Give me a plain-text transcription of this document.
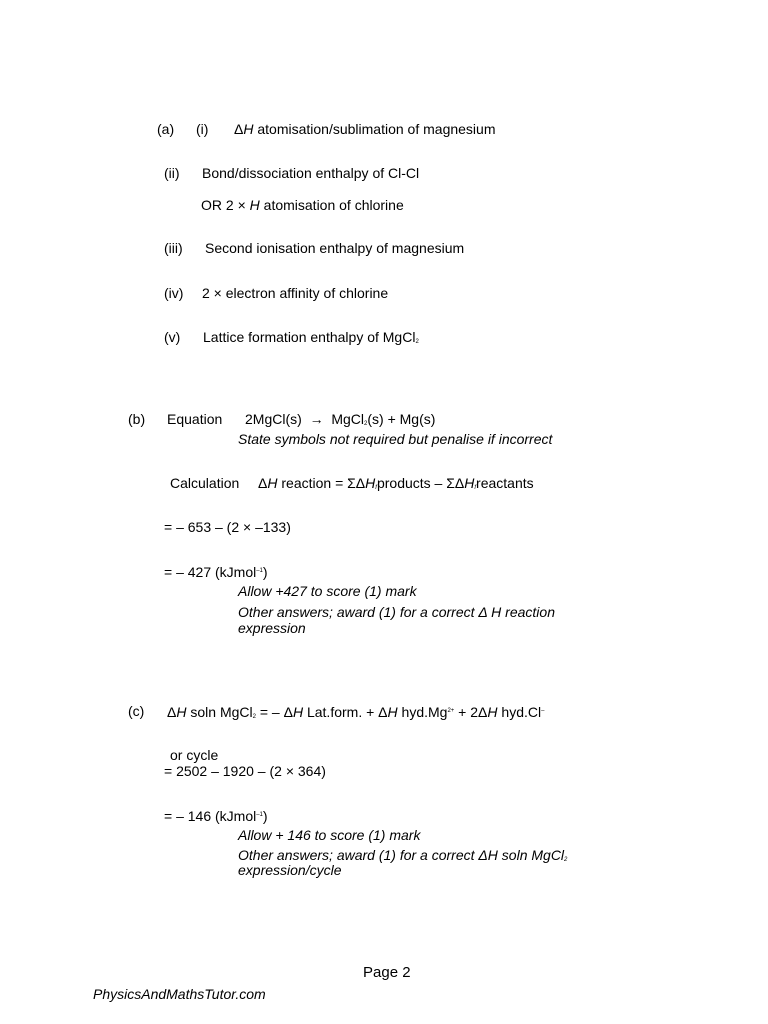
(a) (i) ΔH atomisation/sublimation of magnesium
(ii) Bond/dissociation enthalpy of Cl-Cl
OR 2 × H atomisation of chlorine
(iii) Second ionisation enthalpy of magnesium
(iv) 2 × electron affinity of chlorine
(v) Lattice formation enthalpy of MgCl$_2$
(b) Equation 2MgCl(s) → MgCl$_2$(s) + Mg(s)
State symbols not required but penalise if incorrect
Calculation ΔH reaction = $\Sigma\Delta H_fproducts$ – $\Sigma\Delta H_freactants$
= – 653 – (2 × –133)
= – 427 (kJmol$^{-1}$)
Allow +427 to score (1) mark
Other answers; award (1) for a correct Δ H reaction
expression
(c) ΔH soln MgCl$_2$ = – ΔH Lat.form. + ΔH $hyd.Mg^{2+} + 2\Delta H$ hyd.Cl–
or cycle
= 2502 – 1920 – (2 × 364)
= – 146 (kJmol$^{-1}$)
Allow + 146 to score (1) mark
Other answers; award (1) for a correct ΔH soln MgCl$_2$
expression/cycle
Page 2
PhysicsAndMathsTutor.com
